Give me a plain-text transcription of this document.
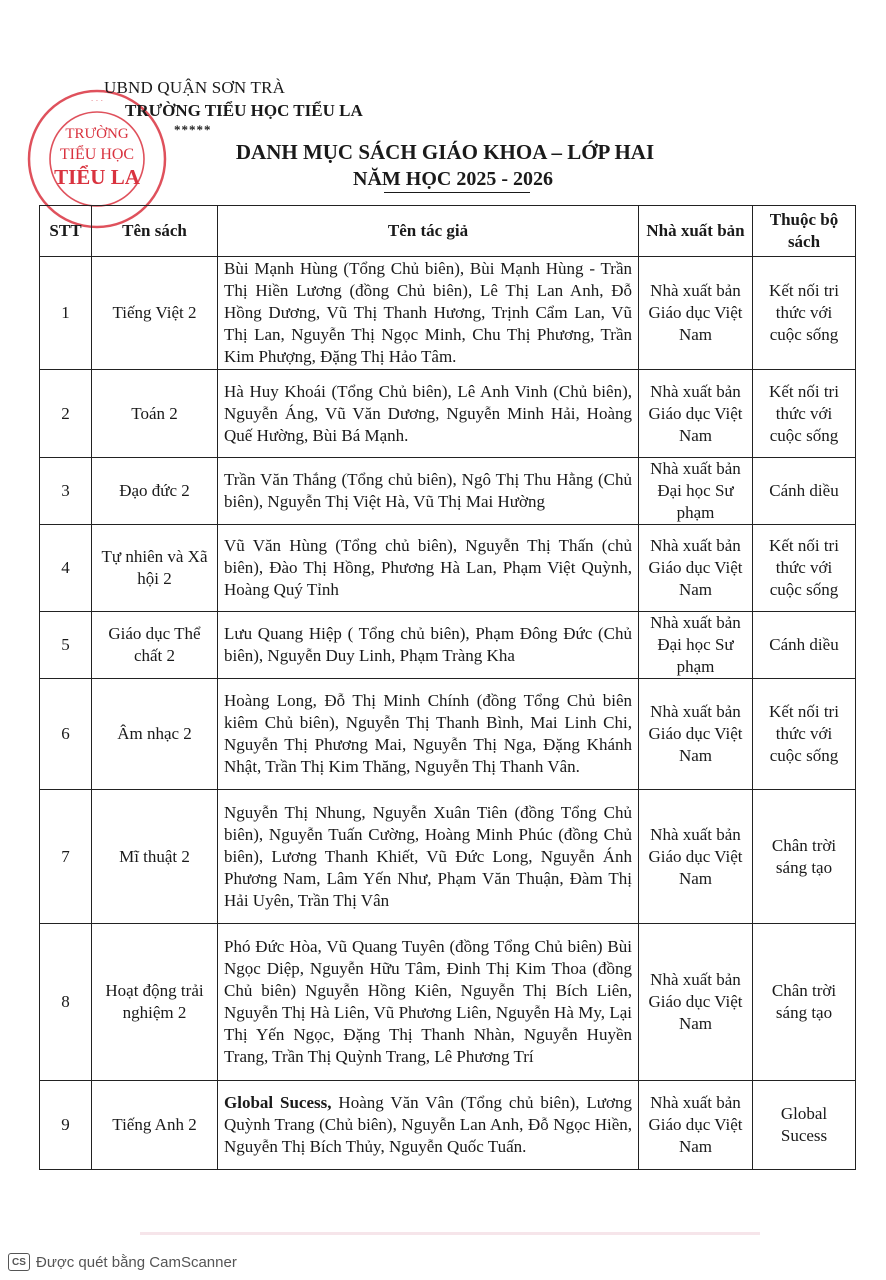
TRƯỜNG
TIỂU HỌC
TIỂU LA
· · ·
UBND QUẬN SƠN TRÀ
TRƯỜNG TIỂU HỌC TIỂU LA
*****
DANH MỤC SÁCH GIÁO KHOA – LỚP HAI
NĂM HỌC 2025 - 2026
STT	Tên sách	Tên tác giả	Nhà xuất bản	Thuộc bộ sách
1	Tiếng Việt 2	Bùi Mạnh Hùng (Tổng Chủ biên), Bùi Mạnh Hùng - Trần Thị Hiền Lương (đồng Chủ biên), Lê Thị Lan Anh, Đỗ Hồng Dương, Vũ Thị Thanh Hương, Trịnh Cẩm Lan, Vũ Thị Lan, Nguyễn Thị Ngọc Minh, Chu Thị Phương, Trần Kim Phượng, Đặng Thị Hảo Tâm.	Nhà xuất bản Giáo dục Việt Nam	Kết nối tri thức với cuộc sống
2	Toán 2	Hà Huy Khoái (Tổng Chủ biên), Lê Anh Vinh (Chủ biên), Nguyễn Áng, Vũ Văn Dương, Nguyễn Minh Hải, Hoàng Quế Hường, Bùi Bá Mạnh.	Nhà xuất bản Giáo dục Việt Nam	Kết nối tri thức với cuộc sống
3	Đạo đức 2	Trần Văn Thắng (Tổng chủ biên), Ngô Thị Thu Hằng (Chủ biên), Nguyễn Thị Việt Hà, Vũ Thị Mai Hường	Nhà xuất bản Đại học Sư phạm	Cánh diều
4	Tự nhiên và Xã hội 2	Vũ Văn Hùng (Tổng chủ biên), Nguyễn Thị Thấn (chủ biên), Đào Thị Hồng, Phương Hà Lan, Phạm Việt Quỳnh, Hoàng Quý Tỉnh	Nhà xuất bản Giáo dục Việt Nam	Kết nối tri thức với cuộc sống
5	Giáo dục Thể chất 2	Lưu Quang Hiệp ( Tổng chủ biên), Phạm Đông Đức (Chủ biên), Nguyễn Duy Linh, Phạm Tràng Kha	Nhà xuất bản Đại học Sư phạm	Cánh diều
6	Âm nhạc 2	Hoàng Long, Đỗ Thị Minh Chính (đồng Tổng Chủ biên kiêm Chủ biên), Nguyễn Thị Thanh Bình, Mai Linh Chi, Nguyễn Thị Phương Mai, Nguyễn Thị Nga, Đặng Khánh Nhật, Trần Thị Kim Thăng, Nguyễn Thị Thanh Vân.	Nhà xuất bản Giáo dục Việt Nam	Kết nối tri thức với cuộc sống
7	Mĩ thuật 2	Nguyễn Thị Nhung, Nguyễn Xuân Tiên (đồng Tổng Chủ biên), Nguyễn Tuấn Cường, Hoàng Minh Phúc (đồng Chủ biên), Lương Thanh Khiết, Vũ Đức Long, Nguyễn Ánh Phương Nam, Lâm Yến Như, Phạm Văn Thuận, Đàm Thị Hải Uyên, Trần Thị Vân	Nhà xuất bản Giáo dục Việt Nam	Chân trời sáng tạo
8	Hoạt động trải nghiệm 2	Phó Đức Hòa, Vũ Quang Tuyên (đồng Tổng Chủ biên) Bùi Ngọc Diệp, Nguyễn Hữu Tâm, Đinh Thị Kim Thoa (đồng Chủ biên) Nguyễn Hồng Kiên, Nguyễn Thị Bích Liên, Nguyễn Thị Hà Liên, Vũ Phương Liên, Nguyễn Hà My, Lại Thị Yến Ngọc, Đặng Thị Thanh Nhàn, Nguyễn Huyền Trang, Trần Thị Quỳnh Trang, Lê Phương Trí	Nhà xuất bản Giáo dục Việt Nam	Chân trời sáng tạo
9	Tiếng Anh 2	Global Sucess, Hoàng Văn Vân (Tổng chủ biên), Lương Quỳnh Trang (Chủ biên), Nguyễn Lan Anh, Đỗ Ngọc Hiền, Nguyễn Thị Bích Thủy, Nguyễn Quốc Tuấn.	Nhà xuất bản Giáo dục Việt Nam	Global Sucess
CS Được quét bằng CamScanner
